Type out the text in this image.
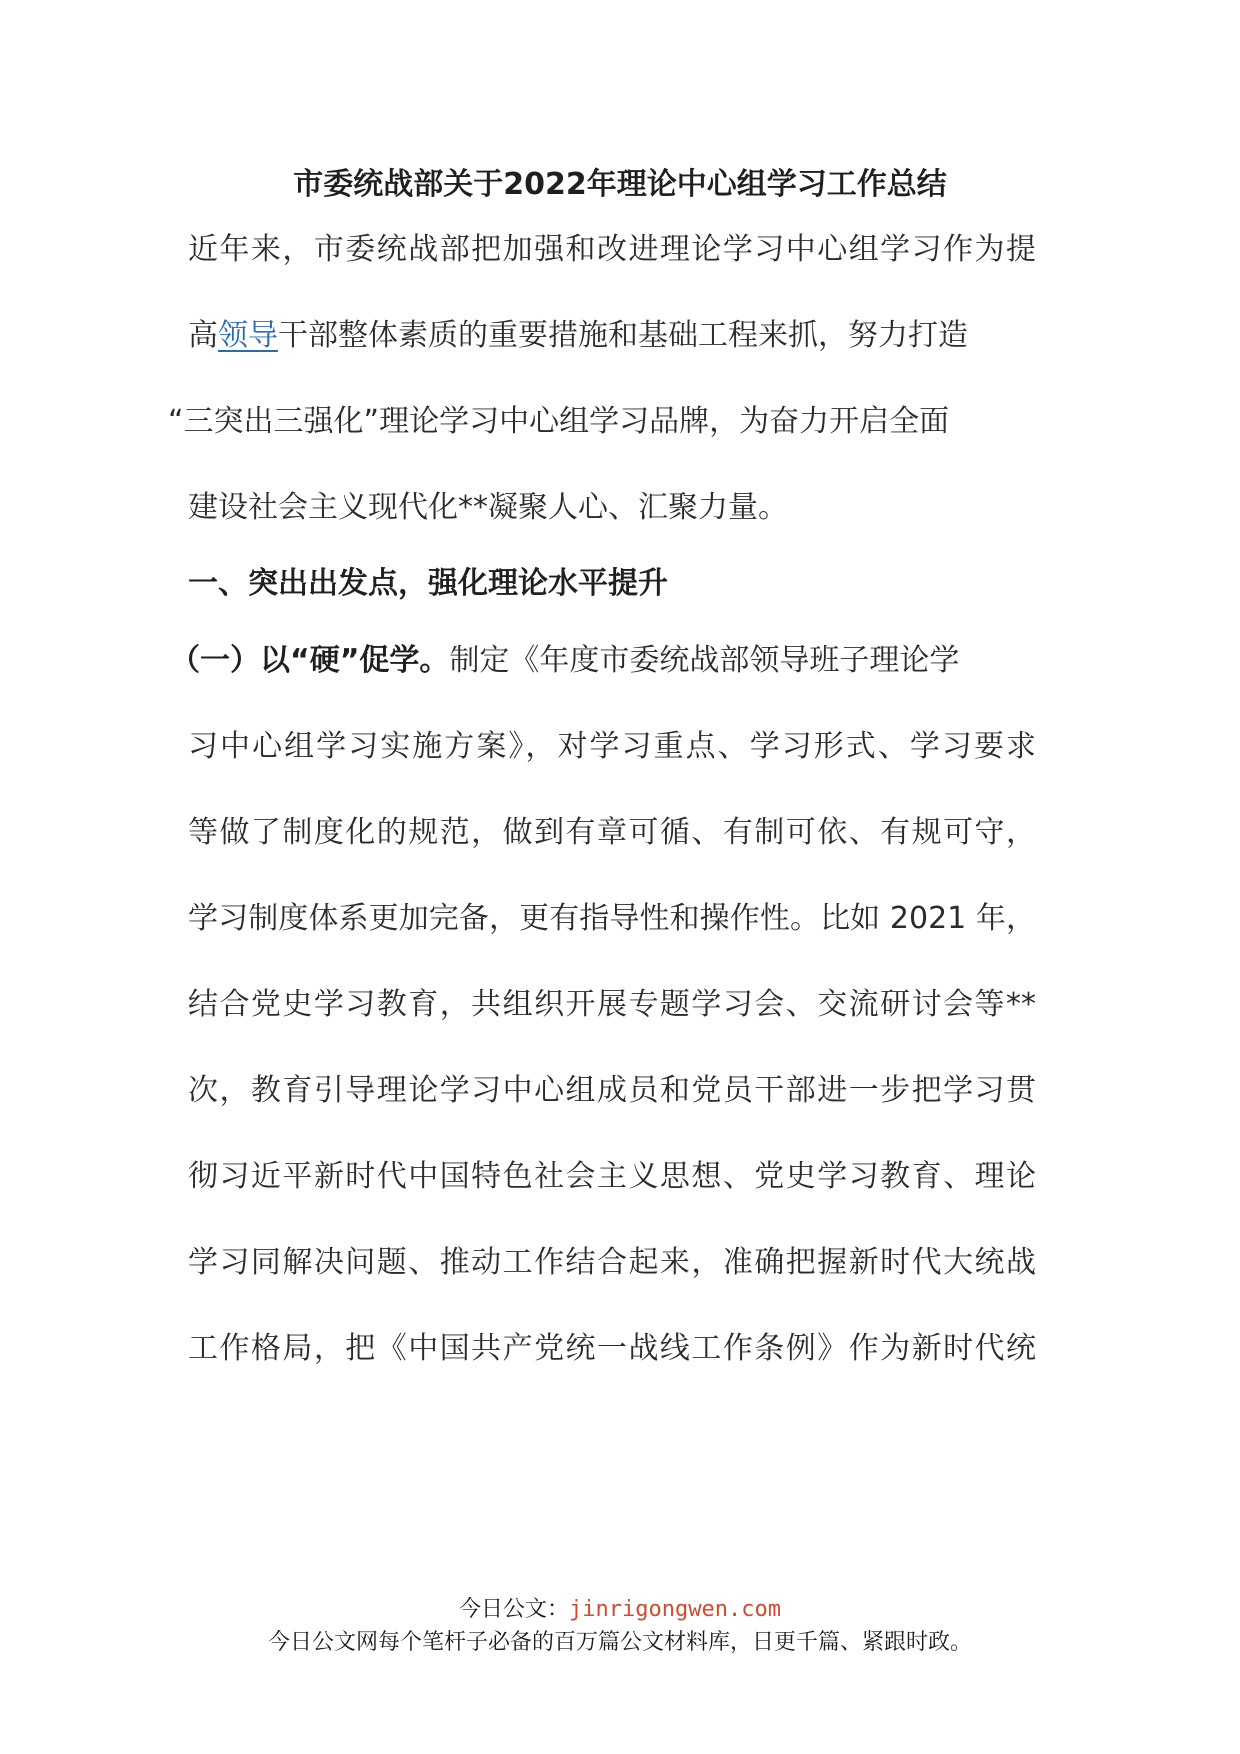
市委统战部关于2022年理论中心组学习工作总结
近年来，市委统战部把加强和改进理论学习中心组学习作为提
高领导干部整体素质的重要措施和基础工程来抓，努力打造
“三突出三强化”理论学习中心组学习品牌，为奋力开启全面
建设社会主义现代化**凝聚人心、汇聚力量。
一、突出出发点，强化理论水平提升
（一）以“硬”促学。制定《年度市委统战部领导班子理论学
习中心组学习实施方案》，对学习重点、学习形式、学习要求
等做了制度化的规范，做到有章可循、有制可依、有规可守，
学习制度体系更加完备，更有指导性和操作性。比如 2021 年，
结合党史学习教育，共组织开展专题学习会、交流研讨会等**
次，教育引导理论学习中心组成员和党员干部进一步把学习贯
彻习近平新时代中国特色社会主义思想、党史学习教育、理论
学习同解决问题、推动工作结合起来，准确把握新时代大统战
工作格局，把《中国共产党统一战线工作条例》作为新时代统
今日公文：jinrigongwen.com
今日公文网每个笔杆子必备的百万篇公文材料库，日更千篇、紧跟时政。
